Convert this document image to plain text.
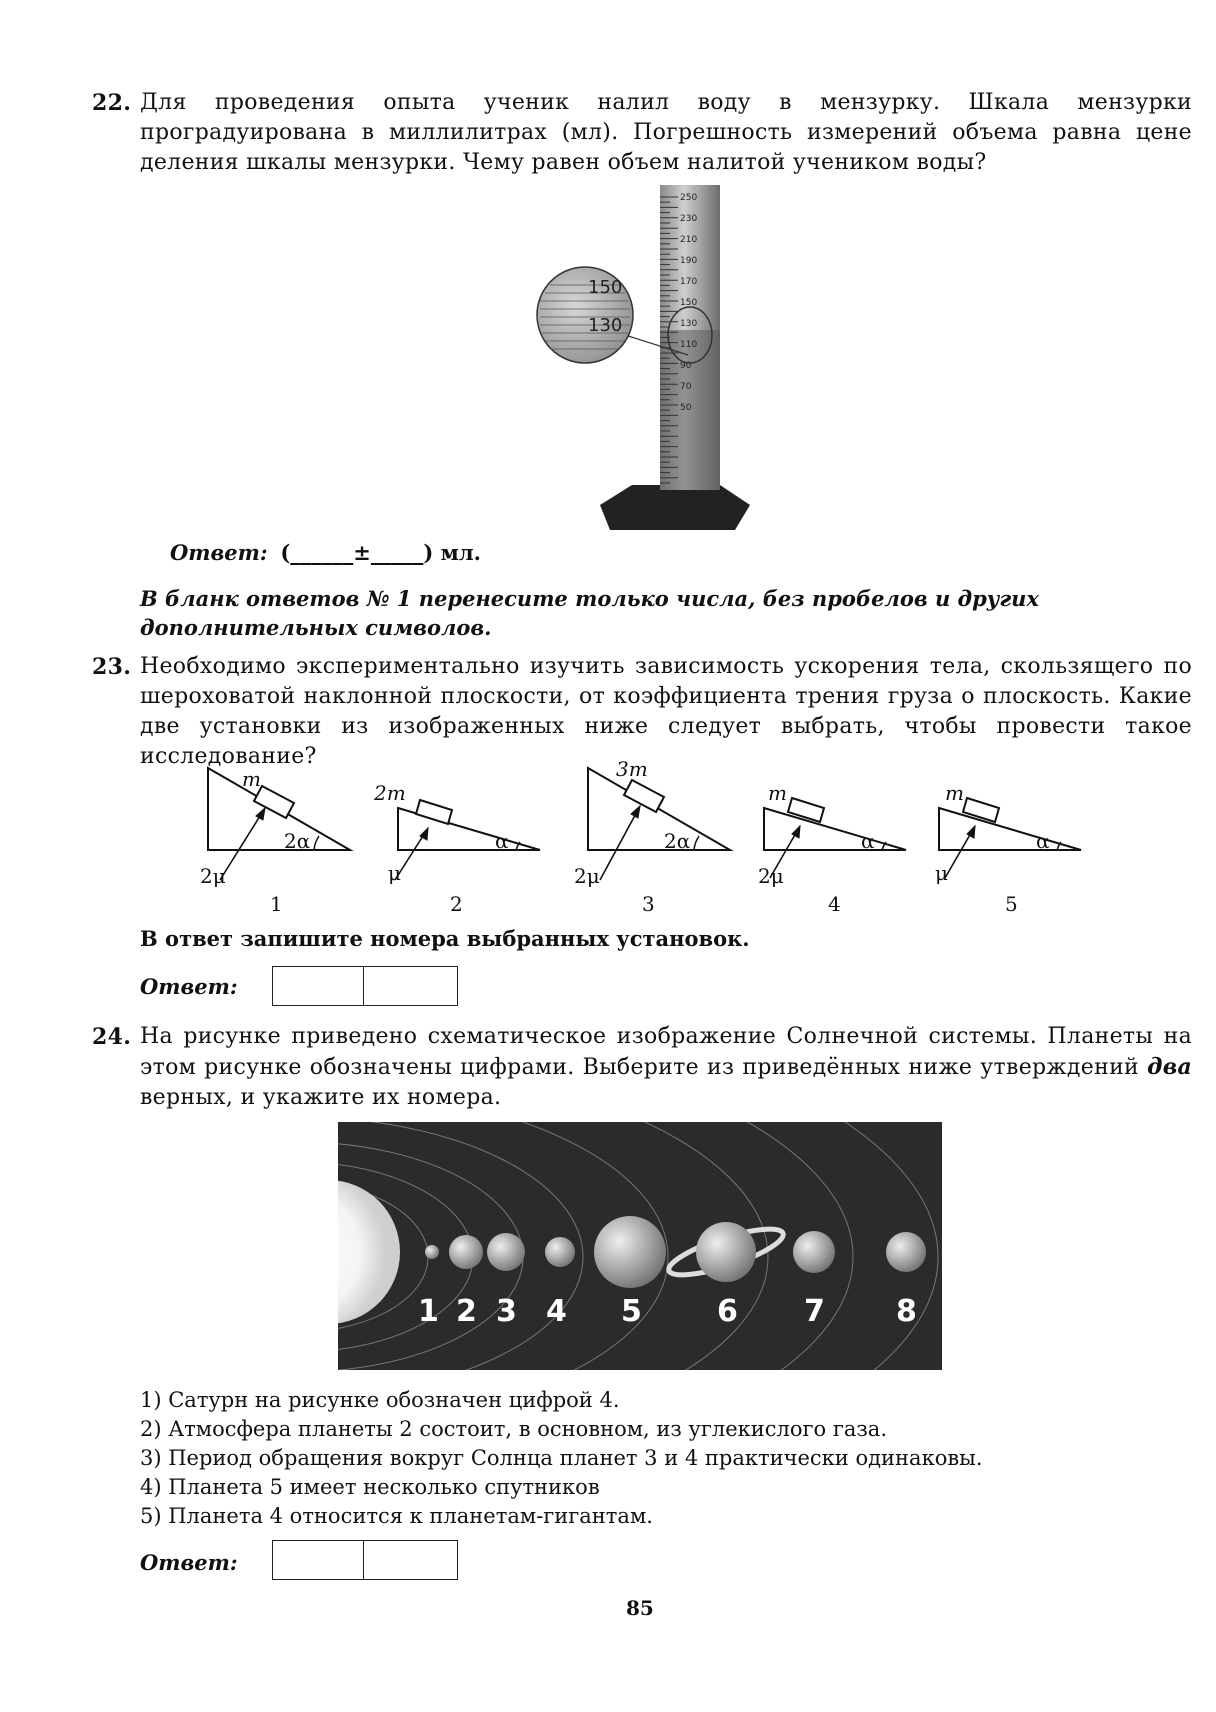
22. Для проведения опыта ученик налил воду в мензурку. Шкала мензурки проградуирована в миллилитрах (мл). Погрешность измерений объема равна цене деления шкалы мензурки. Чему равен объем налитой учеником воды?
250
230
210
190
170
150
130
110
90
70
50
150
130
Ответ: (______±_____) мл.
В бланк ответов № 1 перенесите только числа, без пробелов и других дополнительных символов.
23. Необходимо экспериментально изучить зависимость ускорения тела, скользящего по шероховатой наклонной плоскости, от коэффициента трения груза о плоскость. Какие две установки из изображенных ниже следует выбрать, чтобы провести такое исследование?
m
2α
2μ
1
2m
α
μ
2
3m
2α
2μ
3
m
α
2μ
4
m
α
μ
5
В ответ запишите номера выбранных установок.
Ответ:
24. На рисунке приведено схематическое изображение Солнечной системы. Планеты на этом рисунке обозначены цифрами. Выберите из приведённых ниже утверждений два верных, и укажите их номера.
1 2 3 4 5	6 7 8
1) Сатурн на рисунке обозначен цифрой 4.
2) Атмосфера планеты 2 состоит, в основном, из углекислого газа.
3) Период обращения вокруг Солнца планет 3 и 4 практически одинаковы.
4) Планета 5 имеет несколько спутников
5) Планета 4 относится к планетам-гигантам.
Ответ:
85
